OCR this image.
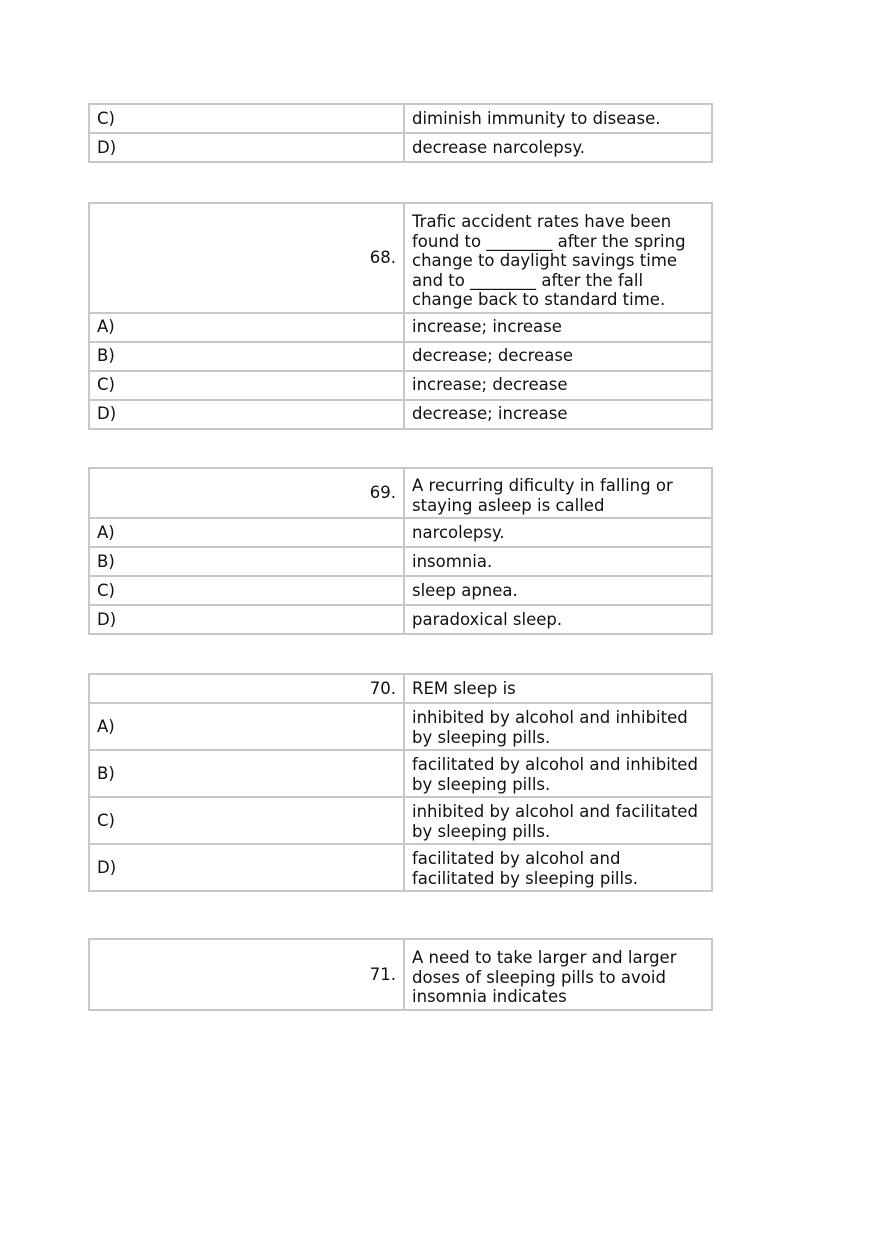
C)	diminish immunity to disease.
D)	decrease narcolepsy.
68.	Traﬁc accident rates have been found to ________ after the spring change to daylight savings time and to ________ after the fall change back to standard time.
A)	increase; increase
B)	decrease; decrease
C)	increase; decrease
D)	decrease; increase
69.	A recurring diﬁculty in falling or staying asleep is called
A)	narcolepsy.
B)	insomnia.
C)	sleep apnea.
D)	paradoxical sleep.
70.	REM sleep is
A)	inhibited by alcohol and inhibited by sleeping pills.
B)	facilitated by alcohol and inhibited by sleeping pills.
C)	inhibited by alcohol and facilitated by sleeping pills.
D)	facilitated by alcohol and facilitated by sleeping pills.
71.	A need to take larger and larger doses of sleeping pills to avoid insomnia indicates
